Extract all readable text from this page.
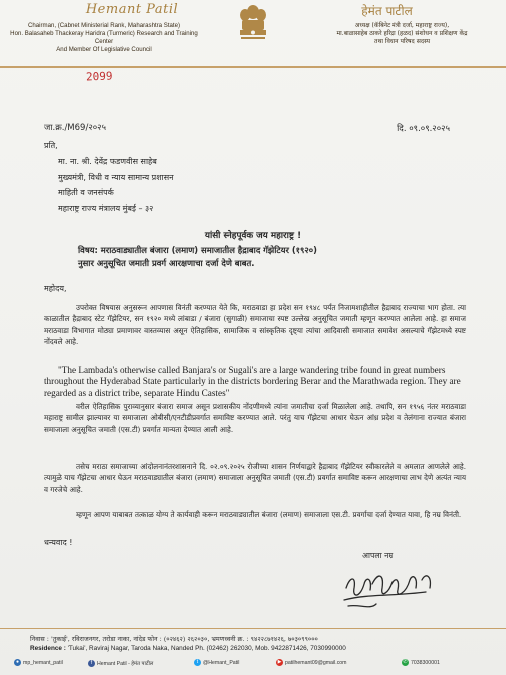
Hemant Patil
Chairman, (Cabnet Ministerial Rank, Maharashtra State)
Hon. Balasaheb Thackeray Haridra (Turmeric) Research and Training Center
And Member Of Legislative Council
हेमंत पाटील
अध्यक्ष (कॅबिनेट मंत्री दर्जा, महाराष्ट्र राज्य),
मा.बाळासाहेब ठाकरे हरिद्रा (हळद) संशोधन व प्रशिक्षण केंद्र
तथा विधान परिषद सदस्य
2099
जा.क्र./M69/२०२५	दि. ०९.०९.२०२५
प्रति,
मा. ना. श्री. देवेंद्र फडणवीस साहेब
मुख्यमंत्री, विधी व न्याय सामान्य प्रशासन
माहिती व जनसंपर्क
महाराष्ट्र राज्य मंत्रालय मुंबई – ३२
यांसी स्नेहपूर्वक जय महाराष्ट्र !
विषय: मराठवाड्यातील बंजारा (लमाण) समाजातील हैद्राबाद गॅझेटियर (१९२०)
नुसार अनुसूचित जमाती प्रवर्ग आरक्षणाचा दर्जा देणे बाबत.
महोदय,
उपरोक्त विषयास अनुसरून आपणास विनंती करण्यात येते कि, मराठवाडा हा प्रदेश सन १९४८ पर्यंत निजामशाहीतील हैद्राबाद राज्याचा भाग होता. त्या काळातील हैद्राबाद स्टेट गॅझेटियर, सन १९२० मध्ये लांबाडा / बंजारा (सुगाळी) समाजाचा स्पष्ट उल्लेख अनुसूचित जमाती म्हणून करण्यात आलेला आहे. हा समाज मराठवाडा विभागात मोठ्या प्रमाणावर वास्तव्यास असून ऐतिहासिक, सामाजिक व सांस्कृतिक दृष्ट्या त्यांचा आदिवासी समाजात समावेश असल्याचे गॅझेटमध्ये स्पष्ट नोंदवले आहे.
"The Lambada's otherwise called Banjara's or Sugali's are a large wandering tribe found in great numbers throughout the Hyderabad State particularly in the districts bordering Berar and the Marathwada region. They are regarded as a district tribe, separate Hindu Castes"
वरील ऐतिहासिक पुराव्यानुसार बंजारा समाज असून प्रशासकीय नोंदणीमध्ये त्यांना जमातीचा दर्जा मिळालेला आहे. तथापि, सन १९५६ नंतर मराठवाडा महाराष्ट्र सामील झाल्यावर या समाजाला ओबीसी/एनटीडीप्रवर्गात समाविष्ट करण्यात आले. परंतु याच गॅझेटचा आधार घेऊन आंध्र प्रदेश व तेलंगाना राज्यात बंजारा समाजाला अनुसूचित जमाती (एस.टी) प्रवर्गात मान्यता देण्यात आली आहे.
तसेच मराठा समाजाच्या आंदोलनानंतरशासनाने दि. ०२.०९.२०२५ रोजीच्या शासन निर्णयाद्वारे हैद्राबाद गॅझेटियर स्वीकारलेले व अमलात आणलेले आहे. त्यामुळे याच गॅझेटचा आधार घेऊन मराठवाड्यातील बंजारा (लमाण) समाजाला अनुसूचित जमाती (एस.टी) प्रवर्गात समाविष्ट करून आरक्षणाचा लाभ देणे अत्यंत न्याय व गरजेचे आहे.
म्हणून आपण याबाबत तत्काळ योग्य ते कार्यवाही करून मराठवाड्यातील बंजारा (लमाण) समाजाला एस.टी. प्रवर्गाचा दर्जा देण्यात यावा, हि नम्र विनंती.
धन्यवाद !
आपला नम्र
निवास : 'तुकाई', रविराजनगर, तरोडा नाका, नांदेड फोन : (०२४६२) २६२०३०, भ्रमणध्वनी क्र. : ९४२२८७१४२६, ७०३०९९०००
Residence : 'Tukai', Raviraj Nagar, Taroda Naka, Nanded Ph. (02462) 262030, Mob. 9422871426, 7030990000
● mp_hemant_patil	f Hemant Patil - हेमंत पाटील	t @Hemant_Patil	▶ patilhemant09@gmail.com	✆ 7038300001
